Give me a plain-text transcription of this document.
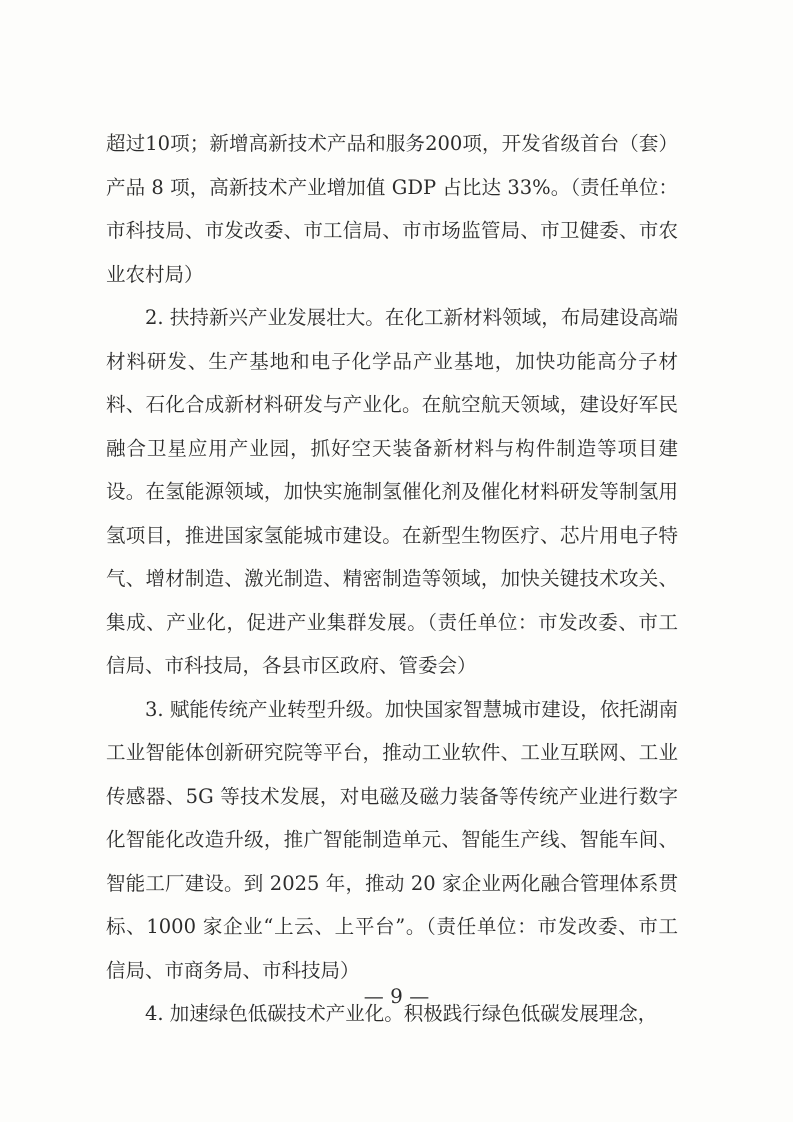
超过10项；新增高新技术产品和服务200项，开发省级首台（套）产品 8 项，高新技术产业增加值 GDP 占比达 33%。（责任单位：市科技局、市发改委、市工信局、市市场监管局、市卫健委、市农业农村局）

2. 扶持新兴产业发展壮大。在化工新材料领域，布局建设高端材料研发、生产基地和电子化学品产业基地，加快功能高分子材料、石化合成新材料研发与产业化。在航空航天领域，建设好军民融合卫星应用产业园，抓好空天装备新材料与构件制造等项目建设。在氢能源领域，加快实施制氢催化剂及催化材料研发等制氢用氢项目，推进国家氢能城市建设。在新型生物医疗、芯片用电子特气、增材制造、激光制造、精密制造等领域，加快关键技术攻关、集成、产业化，促进产业集群发展。（责任单位：市发改委、市工信局、市科技局，各县市区政府、管委会）

3. 赋能传统产业转型升级。加快国家智慧城市建设，依托湖南工业智能体创新研究院等平台，推动工业软件、工业互联网、工业传感器、5G 等技术发展，对电磁及磁力装备等传统产业进行数字化智能化改造升级，推广智能制造单元、智能生产线、智能车间、智能工厂建设。到 2025 年，推动 20 家企业两化融合管理体系贯标、1000 家企业“上云、上平台”。（责任单位：市发改委、市工信局、市商务局、市科技局）

4. 加速绿色低碳技术产业化。积极践行绿色低碳发展理念，

— 9 —
